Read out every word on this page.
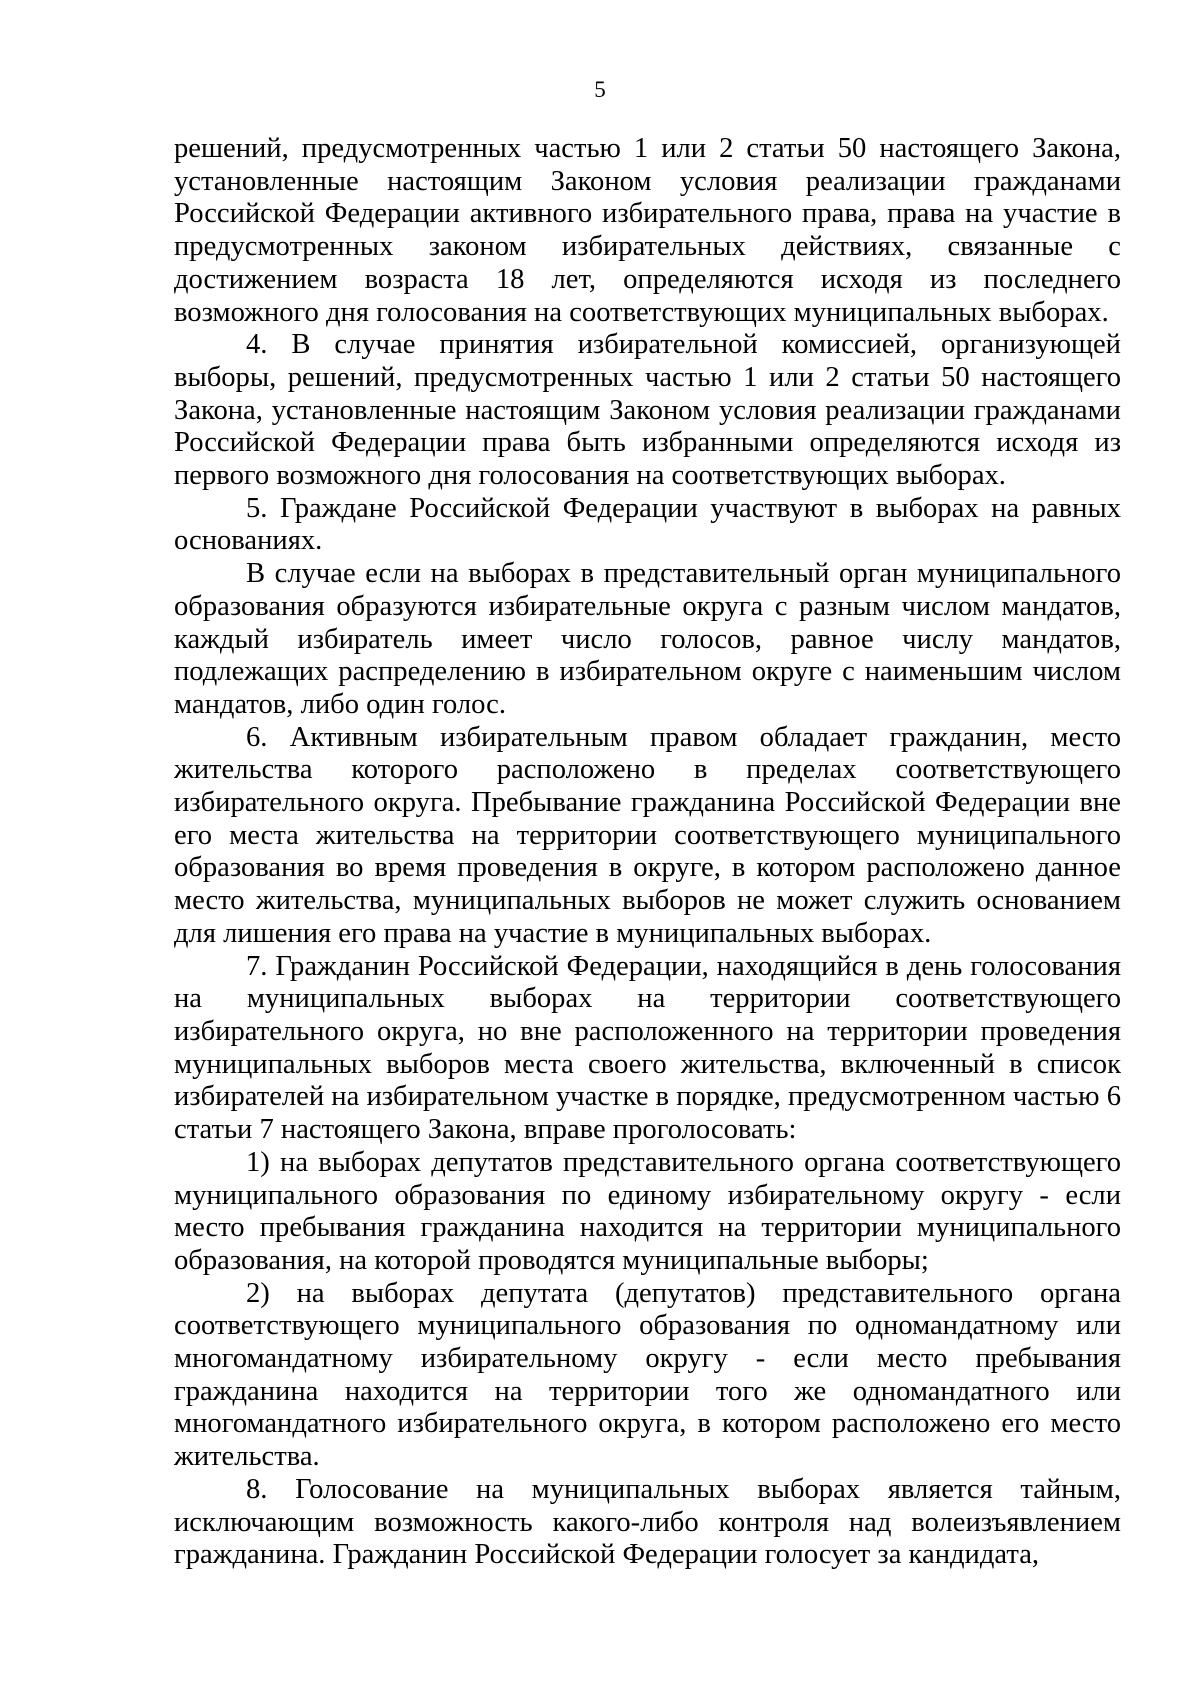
5

решений, предусмотренных частью 1 или 2 статьи 50 настоящего Закона, установленные настоящим Законом условия реализации гражданами Российской Федерации активного избирательного права, права на участие в предусмотренных законом избирательных действиях, связанные с достижением возраста 18 лет, определяются исходя из последнего возможного дня голосования на соответствующих муниципальных выборах.

4. В случае принятия избирательной комиссией, организующей выборы, решений, предусмотренных частью 1 или 2 статьи 50 настоящего Закона, установленные настоящим Законом условия реализации гражданами Российской Федерации права быть избранными определяются исходя из первого возможного дня голосования на соответствующих выборах.

5. Граждане Российской Федерации участвуют в выборах на равных основаниях.

В случае если на выборах в представительный орган муниципального образования образуются избирательные округа с разным числом мандатов, каждый избиратель имеет число голосов, равное числу мандатов, подлежащих распределению в избирательном округе с наименьшим числом мандатов, либо один голос.

6. Активным избирательным правом обладает гражданин, место жительства которого расположено в пределах соответствующего избирательного округа. Пребывание гражданина Российской Федерации вне его места жительства на территории соответствующего муниципального образования во время проведения в округе, в котором расположено данное место жительства, муниципальных выборов не может служить основанием для лишения его права на участие в муниципальных выборах.

7. Гражданин Российской Федерации, находящийся в день голосования на муниципальных выборах на территории соответствующего избирательного округа, но вне расположенного на территории проведения муниципальных выборов места своего жительства, включенный в список избирателей на избирательном участке в порядке, предусмотренном частью 6 статьи 7 настоящего Закона, вправе проголосовать:

1) на выборах депутатов представительного органа соответствующего муниципального образования по единому избирательному округу - если место пребывания гражданина находится на территории муниципального образования, на которой проводятся муниципальные выборы;

2) на выборах депутата (депутатов) представительного органа соответствующего муниципального образования по одномандатному или многомандатному избирательному округу - если место пребывания гражданина находится на территории того же одномандатного или многомандатного избирательного округа, в котором расположено его место жительства.

8. Голосование на муниципальных выборах является тайным, исключающим возможность какого-либо контроля над волеизъявлением гражданина. Гражданин Российской Федерации голосует за кандидата,
